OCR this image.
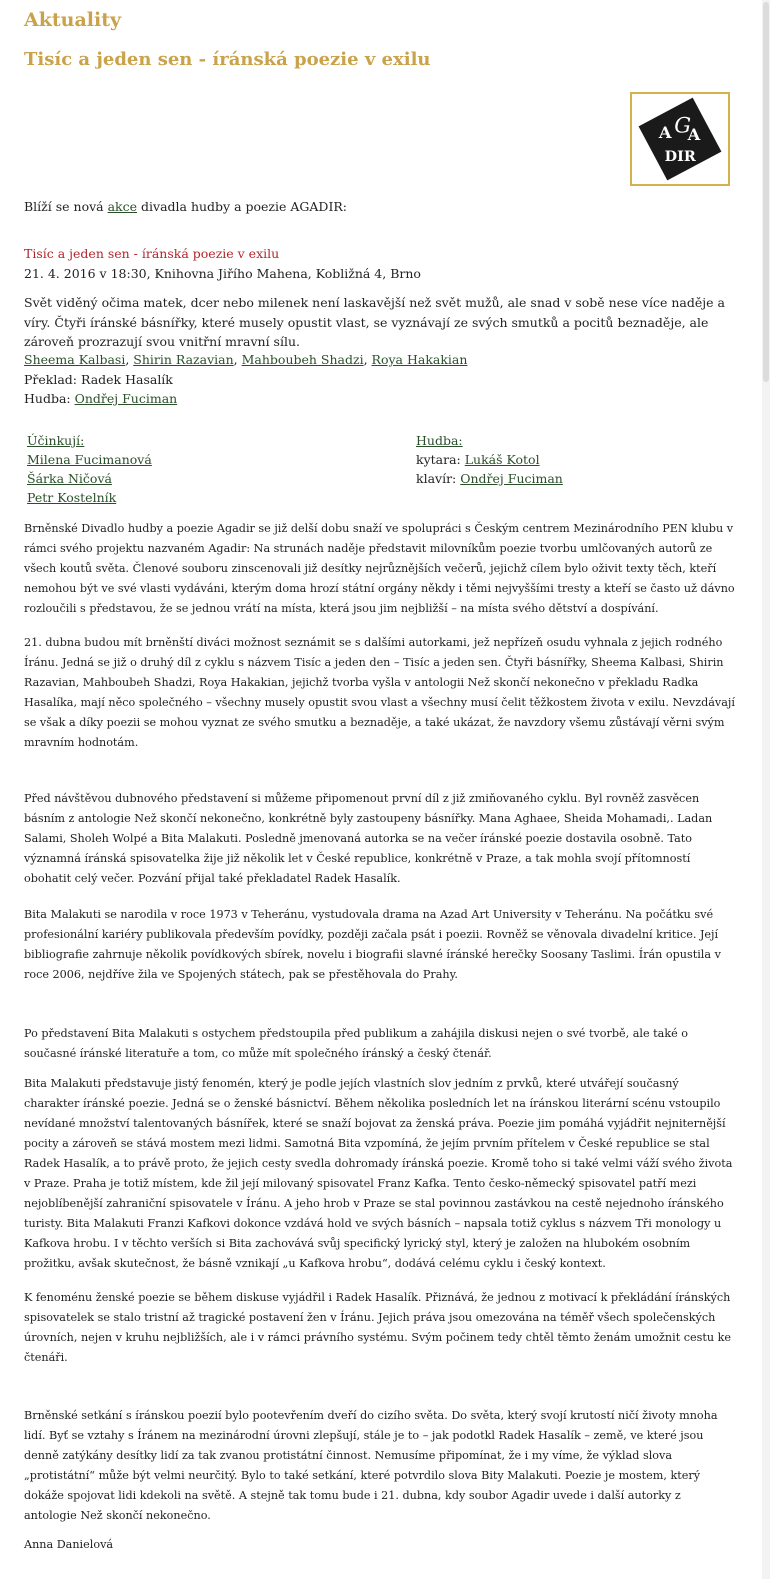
Aktuality
Tisíc a jeden sen - íránská poezie v exilu
A G
A
DIR

Blíží se nová akce divadla hudby a poezie AGADIR:

Tisíc a jeden sen - íránská poezie v exilu

21. 4. 2016 v 18:30, Knihovna Jiřího Mahena, Kobližná 4, Brno

Svět viděný očima matek, dcer nebo milenek není laskavější než svět mužů, ale snad v sobě nese více naděje a víry. Čtyři íránské básnířky, které musely opustit vlast, se vyznávají ze svých smutků a pocitů beznaděje, ale zároveň prozrazují svou vnitřní mravní sílu.

Sheema Kalbasi, Shirin Razavian, Mahboubeh Shadzi, Roya Hakakian

Překlad: Radek Hasalík

Hudba: Ondřej Fuciman

Účinkují:
Milena Fucimanová
Šárka Ničová
Petr Kostelník
Hudba:
kytara: Lukáš Kotol
klavír: Ondřej Fuciman

Brněnské Divadlo hudby a poezie Agadir se již delší dobu snaží ve spolupráci s Českým centrem Mezinárodního PEN klubu v rámci svého projektu nazvaném Agadir: Na strunách naděje představit milovníkům poezie tvorbu umlčovaných autorů ze všech koutů světa. Členové souboru zinscenovali již desítky nejrůznějších večerů, jejichž cílem bylo oživit texty těch, kteří nemohou být ve své vlasti vydáváni, kterým doma hrozí státní orgány někdy i těmi nejvyššími tresty a kteří se často už dávno rozloučili s představou, že se jednou vrátí na místa, která jsou jim nejbližší – na místa svého dětství a dospívání.

21. dubna budou mít brněnští diváci možnost seznámit se s dalšími autorkami, jež nepřízeň osudu vyhnala z jejich rodného Íránu. Jedná se již o druhý díl z cyklu s názvem Tisíc a jeden den – Tisíc a jeden sen. Čtyři básnířky, Sheema Kalbasi, Shirin Razavian, Mahboubeh Shadzi, Roya Hakakian, jejichž tvorba vyšla v antologii Než skončí nekonečno v překladu Radka Hasalíka, mají něco společného – všechny musely opustit svou vlast a všechny musí čelit těžkostem života v exilu. Nevzdávají se však a díky poezii se mohou vyznat ze svého smutku a beznaděje, a také ukázat, že navzdory všemu zůstávají věrni svým mravním hodnotám.

Před návštěvou dubnového představení si můžeme připomenout první díl z již zmiňovaného cyklu. Byl rovněž zasvěcen básním z antologie Než skončí nekonečno, konkrétně byly zastoupeny básnířky. Mana Aghaee, Sheida Mohamadi,. Ladan Salami, Sholeh Wolpé a Bita Malakuti. Posledně jmenovaná autorka se na večer íránské poezie dostavila osobně. Tato významná íránská spisovatelka žije již několik let v České republice, konkrétně v Praze, a tak mohla svojí přítomností obohatit celý večer. Pozvání přijal také překladatel Radek Hasalík.

Bita Malakuti se narodila v roce 1973 v Teheránu, vystudovala drama na Azad Art University v Teheránu. Na počátku své profesionální kariéry publikovala především povídky, později začala psát i poezii. Rovněž se věnovala divadelní kritice. Její bibliografie zahrnuje několik povídkových sbírek, novelu i biografii slavné íránské herečky Soosany Taslimi. Írán opustila v roce 2006, nejdříve žila ve Spojených státech, pak se přestěhovala do Prahy.

Po představení Bita Malakuti s ostychem předstoupila před publikum a zahájila diskusi nejen o své tvorbě, ale také o současné íránské literatuře a tom, co může mít společného íránský a český čtenář.

Bita Malakuti představuje jistý fenomén, který je podle jejích vlastních slov jedním z prvků, které utvářejí současný charakter íránské poezie. Jedná se o ženské básnictví. Během několika posledních let na íránskou literární scénu vstoupilo nevídané množství talentovaných básnířek, které se snaží bojovat za ženská práva. Poezie jim pomáhá vyjádřit nejniternější pocity a zároveň se stává mostem mezi lidmi. Samotná Bita vzpomíná, že jejím prvním přítelem v České republice se stal Radek Hasalík, a to právě proto, že jejich cesty svedla dohromady íránská poezie. Kromě toho si také velmi váží svého života v Praze. Praha je totiž místem, kde žil její milovaný spisovatel Franz Kafka. Tento česko-německý spisovatel patří mezi nejoblíbenější zahraniční spisovatele v Íránu. A jeho hrob v Praze se stal povinnou zastávkou na cestě nejednoho íránského turisty. Bita Malakuti Franzi Kafkovi dokonce vzdává hold ve svých básních – napsala totiž cyklus s názvem Tři monology u Kafkova hrobu. I v těchto verších si Bita zachovává svůj specifický lyrický styl, který je založen na hlubokém osobním prožitku, avšak skutečnost, že básně vznikají „u Kafkova hrobu“, dodává celému cyklu i český kontext.

K fenoménu ženské poezie se během diskuse vyjádřil i Radek Hasalík. Přiznává, že jednou z motivací k překládání íránských spisovatelek se stalo tristní až tragické postavení žen v Íránu. Jejich práva jsou omezována na téměř všech společenských úrovních, nejen v kruhu nejbližších, ale i v rámci právního systému. Svým počinem tedy chtěl těmto ženám umožnit cestu ke čtenáři.

Brněnské setkání s íránskou poezií bylo pootevřením dveří do cizího světa. Do světa, který svojí krutostí ničí životy mnoha lidí. Byť se vztahy s Íránem na mezinárodní úrovni zlepšují, stále je to – jak podotkl Radek Hasalík – země, ve které jsou denně zatýkány desítky lidí za tak zvanou protistátní činnost. Nemusíme připomínat, že i my víme, že výklad slova „protistátní“ může být velmi neurčitý. Bylo to také setkání, které potvrdilo slova Bity Malakuti. Poezie je mostem, který dokáže spojovat lidi kdekoli na světě. A stejně tak tomu bude i 21. dubna, kdy soubor Agadir uvede i další autorky z antologie Než skončí nekonečno.

Anna Danielová
